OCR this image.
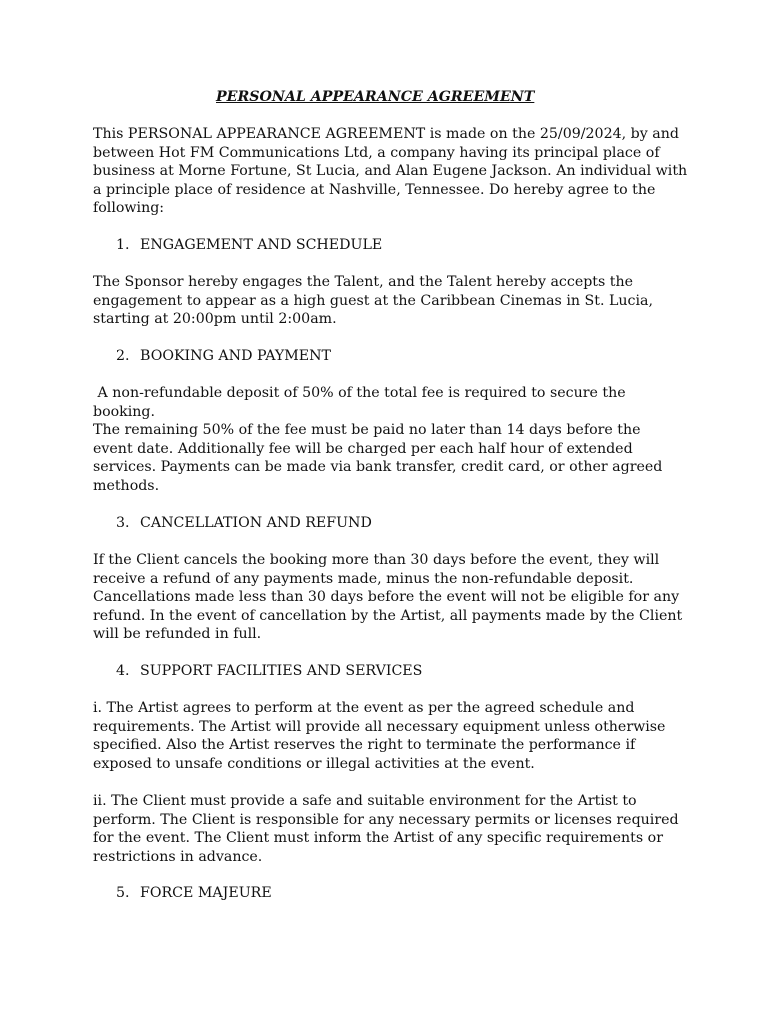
PERSONAL APPEARANCE AGREEMENT
This PERSONAL APPEARANCE AGREEMENT is made on the 25/09/2024, by and
between Hot FM Communications Ltd, a company having its principal place of
business at Morne Fortune, St Lucia, and Alan Eugene Jackson. An individual with
a principle place of residence at Nashville, Tennessee. Do hereby agree to the
following:
1. ENGAGEMENT AND SCHEDULE
The Sponsor hereby engages the Talent, and the Talent hereby accepts the
engagement to appear as a high guest at the Caribbean Cinemas in St. Lucia,
starting at 20:00pm until 2:00am.
2. BOOKING AND PAYMENT
A non-refundable deposit of 50% of the total fee is required to secure the
booking.
The remaining 50% of the fee must be paid no later than 14 days before the
event date. Additionally fee will be charged per each half hour of extended
services. Payments can be made via bank transfer, credit card, or other agreed
methods.
3. CANCELLATION AND REFUND
If the Client cancels the booking more than 30 days before the event, they will
receive a refund of any payments made, minus the non-refundable deposit.
Cancellations made less than 30 days before the event will not be eligible for any
refund. In the event of cancellation by the Artist, all payments made by the Client
will be refunded in full.
4. SUPPORT FACILITIES AND SERVICES
i. The Artist agrees to perform at the event as per the agreed schedule and
requirements. The Artist will provide all necessary equipment unless otherwise
specified. Also the Artist reserves the right to terminate the performance if
exposed to unsafe conditions or illegal activities at the event.
ii. The Client must provide a safe and suitable environment for the Artist to
perform. The Client is responsible for any necessary permits or licenses required
for the event. The Client must inform the Artist of any specific requirements or
restrictions in advance.
5. FORCE MAJEURE
